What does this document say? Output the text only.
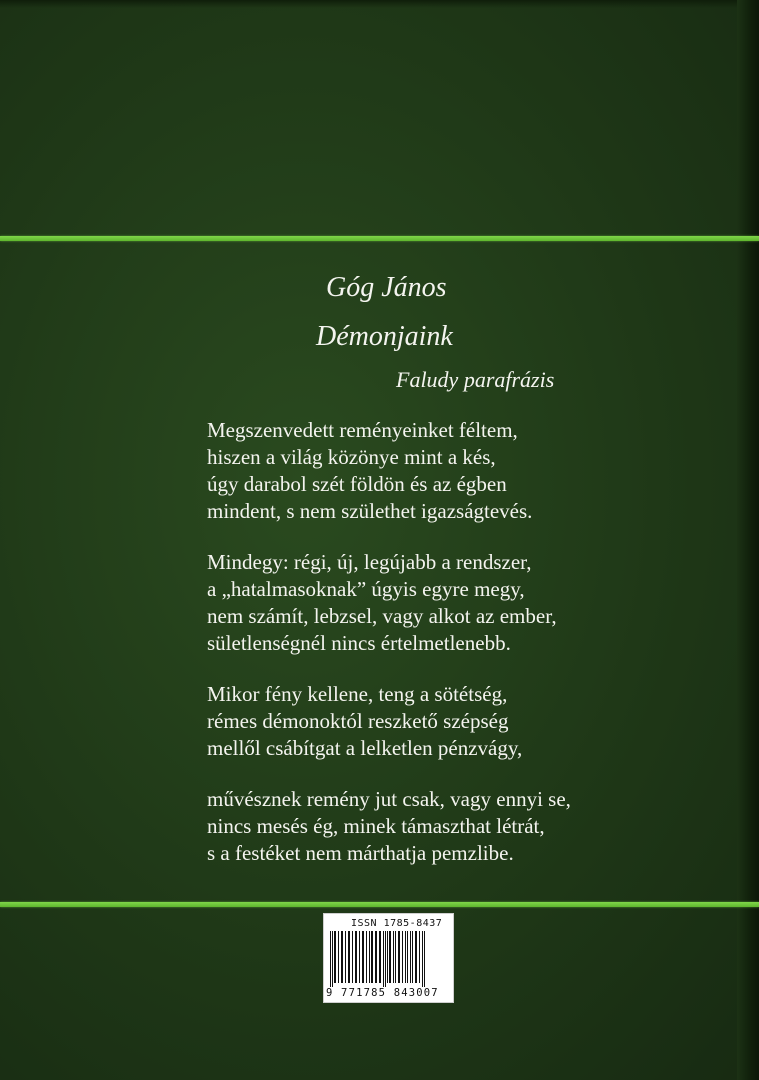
Góg János
Démonjaink
Faludy parafrázis
Megszenvedett reményeinket féltem,
hiszen a világ közönye mint a kés,
úgy darabol szét földön és az égben
mindent, s nem születhet igazságtevés.
Mindegy: régi, új, legújabb a rendszer,
a „hatalmasoknak” úgyis egyre megy,
nem számít, lebzsel, vagy alkot az ember,
sületlenségnél nincs értelmetlenebb.
Mikor fény kellene, teng a sötétség,
rémes démonoktól reszkető szépség
mellől csábítgat a lelketlen pénzvágy,
művésznek remény jut csak, vagy ennyi se,
nincs mesés ég, minek támaszthat létrát,
s a festéket nem márthatja pemzlibe.
ISSN 1785-8437
9 771785 843007
